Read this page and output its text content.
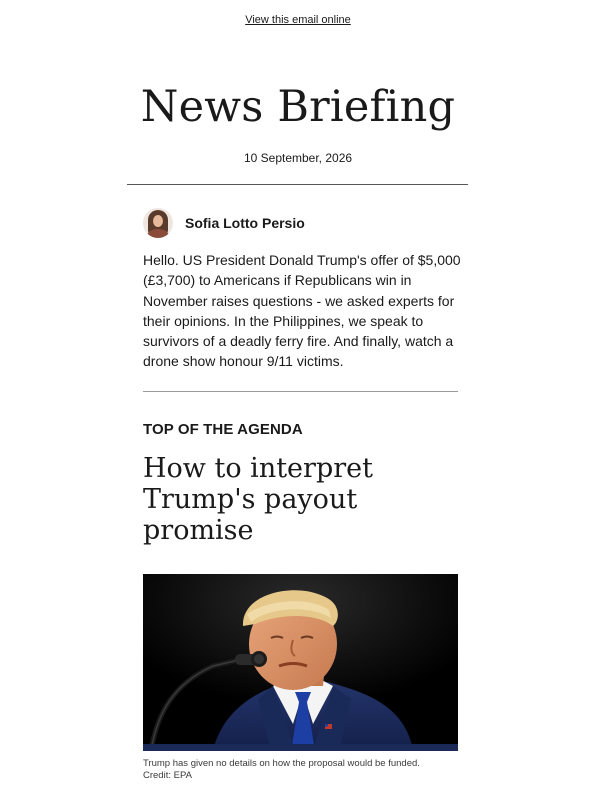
View this email online
News Briefing
10 September, 2026
Sofia Lotto Persio

Hello. US President Donald Trump's offer of $5,000 (£3,700) to Americans if Republicans win in November raises questions - we asked experts for their opinions. In the Philippines, we speak to survivors of a deadly ferry fire. And finally, watch a drone show honour 9/11 victims.

TOP OF THE AGENDA
How to interpret Trump's payout promise
Trump has given no details on how the proposal would be funded.
Credit: EPA
